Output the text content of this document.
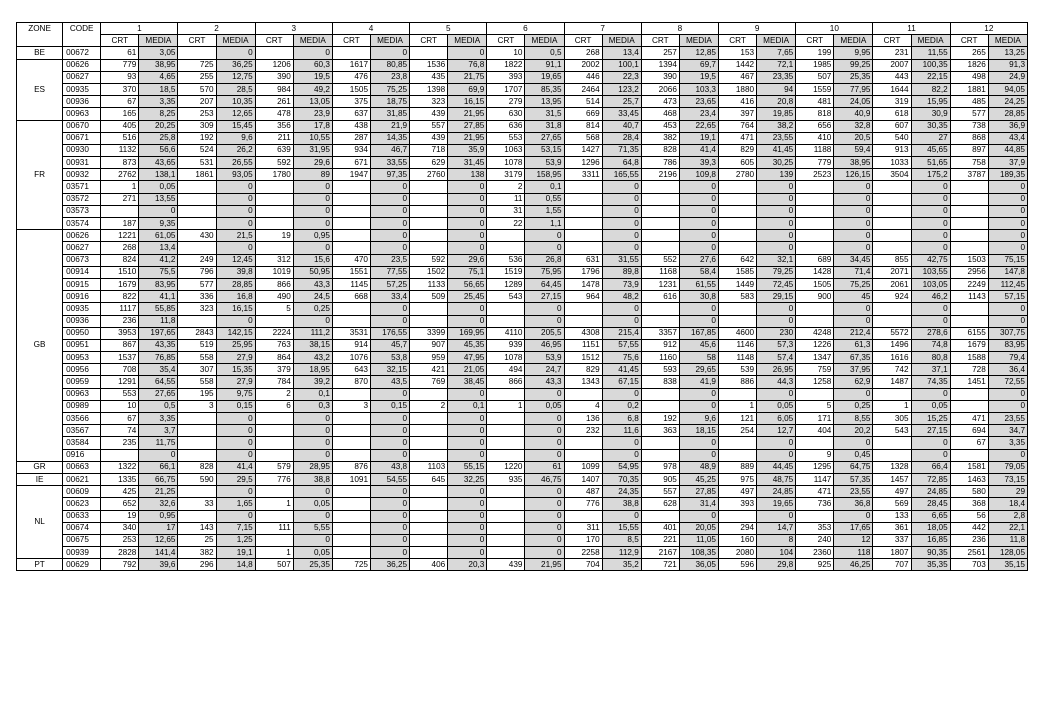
ZONE	CODE	1		2		3		4		5		6		7		8		9		10		11		12	
		CRT	MEDIA	CRT	MEDIA	CRT	MEDIA	CRT	MEDIA	CRT	MEDIA	CRT	MEDIA	CRT	MEDIA	CRT	MEDIA	CRT	MEDIA	CRT	MEDIA	CRT	MEDIA	CRT	MEDIA
BE	00672	61	3,05		0		0		0		0	10	0,5	268	13,4	257	12,85	153	7,65	199	9,95	231	11,55	265	13,25
ES	00626	779	38,95	725	36,25	1206	60,3	1617	80,85	1536	76,8	1822	91,1	2002	100,1	1394	69,7	1442	72,1	1985	99,25	2007	100,35	1826	91,3
	00627	93	4,65	255	12,75	390	19,5	476	23,8	435	21,75	393	19,65	446	22,3	390	19,5	467	23,35	507	25,35	443	22,15	498	24,9
	00935	370	18,5	570	28,5	984	49,2	1505	75,25	1398	69,9	1707	85,35	2464	123,2	2066	103,3	1880	94	1559	77,95	1644	82,2	1881	94,05
	00936	67	3,35	207	10,35	261	13,05	375	18,75	323	16,15	279	13,95	514	25,7	473	23,65	416	20,8	481	24,05	319	15,95	485	24,25
	00963	165	8,25	253	12,65	478	23,9	637	31,85	439	21,95	630	31,5	669	33,45	468	23,4	397	19,85	818	40,9	618	30,9	577	28,85
FR	00670	405	20,25	309	15,45	356	17,8	438	21,9	557	27,85	636	31,8	814	40,7	453	22,65	764	38,2	656	32,8	607	30,35	738	36,9
	00671	516	25,8	192	9,6	211	10,55	287	14,35	439	21,95	553	27,65	568	28,4	382	19,1	471	23,55	410	20,5	540	27	868	43,4
	00930	1132	56,6	524	26,2	639	31,95	934	46,7	718	35,9	1063	53,15	1427	71,35	828	41,4	829	41,45	1188	59,4	913	45,65	897	44,85
	00931	873	43,65	531	26,55	592	29,6	671	33,55	629	31,45	1078	53,9	1296	64,8	786	39,3	605	30,25	779	38,95	1033	51,65	758	37,9
	00932	2762	138,1	1861	93,05	1780	89	1947	97,35	2760	138	3179	158,95	3311	165,55	2196	109,8	2780	139	2523	126,15	3504	175,2	3787	189,35
	03571	1	0,05		0		0		0		0	2	0,1		0		0		0		0		0		0
	03572	271	13,55		0		0		0		0	11	0,55		0		0		0		0		0		0
	03573		0		0		0		0		0	31	1,55		0		0		0		0		0		0
	03574	187	9,35		0		0		0		0	22	1,1		0		0		0		0		0		0
GB	00626	1221	61,05	430	21,5	19	0,95		0		0		0		0		0		0		0		0		0
	00627	268	13,4		0		0		0		0		0		0		0		0		0		0		0
	00673	824	41,2	249	12,45	312	15,6	470	23,5	592	29,6	536	26,8	631	31,55	552	27,6	642	32,1	689	34,45	855	42,75	1503	75,15
	00914	1510	75,5	796	39,8	1019	50,95	1551	77,55	1502	75,1	1519	75,95	1796	89,8	1168	58,4	1585	79,25	1428	71,4	2071	103,55	2956	147,8
	00915	1679	83,95	577	28,85	866	43,3	1145	57,25	1133	56,65	1289	64,45	1478	73,9	1231	61,55	1449	72,45	1505	75,25	2061	103,05	2249	112,45
	00916	822	41,1	336	16,8	490	24,5	668	33,4	509	25,45	543	27,15	964	48,2	616	30,8	583	29,15	900	45	924	46,2	1143	57,15
	00935	1117	55,85	323	16,15	5	0,25		0		0		0		0		0		0		0		0		0
	00936	236	11,8		0		0		0		0		0		0		0		0		0		0		0
	00950	3953	197,65	2843	142,15	2224	111,2	3531	176,55	3399	169,95	4110	205,5	4308	215,4	3357	167,85	4600	230	4248	212,4	5572	278,6	6155	307,75
	00951	867	43,35	519	25,95	763	38,15	914	45,7	907	45,35	939	46,95	1151	57,55	912	45,6	1146	57,3	1226	61,3	1496	74,8	1679	83,95
	00953	1537	76,85	558	27,9	864	43,2	1076	53,8	959	47,95	1078	53,9	1512	75,6	1160	58	1148	57,4	1347	67,35	1616	80,8	1588	79,4
	00956	708	35,4	307	15,35	379	18,95	643	32,15	421	21,05	494	24,7	829	41,45	593	29,65	539	26,95	759	37,95	742	37,1	728	36,4
	00959	1291	64,55	558	27,9	784	39,2	870	43,5	769	38,45	866	43,3	1343	67,15	838	41,9	886	44,3	1258	62,9	1487	74,35	1451	72,55
	00963	553	27,65	195	9,75	2	0,1		0		0		0		0		0		0		0		0		0
	00989	10	0,5	3	0,15	6	0,3	3	0,15	2	0,1	1	0,05	4	0,2		0	1	0,05	5	0,25	1	0,05		0
	03566	67	3,35		0		0		0		0		0	136	6,8	192	9,6	121	6,05	171	8,55	305	15,25	471	23,55
	03567	74	3,7		0		0		0		0		0	232	11,6	363	18,15	254	12,7	404	20,2	543	27,15	694	34,7
	03584	235	11,75		0		0		0		0		0		0		0		0		0		0	67	3,35
	0916		0		0		0		0		0		0		0		0		0	9	0,45		0		0
GR	00663	1322	66,1	828	41,4	579	28,95	876	43,8	1103	55,15	1220	61	1099	54,95	978	48,9	889	44,45	1295	64,75	1328	66,4	1581	79,05
IE	00621	1335	66,75	590	29,5	776	38,8	1091	54,55	645	32,25	935	46,75	1407	70,35	905	45,25	975	48,75	1147	57,35	1457	72,85	1463	73,15
NL	00609	425	21,25		0		0		0		0		0	487	24,35	557	27,85	497	24,85	471	23,55	497	24,85	580	29
	00623	652	32,6	33	1,65	1	0,05		0		0		0	776	38,8	628	31,4	393	19,65	736	36,8	569	28,45	368	18,4
	00633	19	0,95		0		0		0		0		0		0		0		0		0	133	6,65	56	2,8
	00674	340	17	143	7,15	111	5,55		0		0		0	311	15,55	401	20,05	294	14,7	353	17,65	361	18,05	442	22,1
	00675	253	12,65	25	1,25		0		0		0		0	170	8,5	221	11,05	160	8	240	12	337	16,85	236	11,8
	00939	2828	141,4	382	19,1	1	0,05		0		0		0	2258	112,9	2167	108,35	2080	104	2360	118	1807	90,35	2561	128,05
PT	00629	792	39,6	296	14,8	507	25,35	725	36,25	406	20,3	439	21,95	704	35,2	721	36,05	596	29,8	925	46,25	707	35,35	703	35,15
